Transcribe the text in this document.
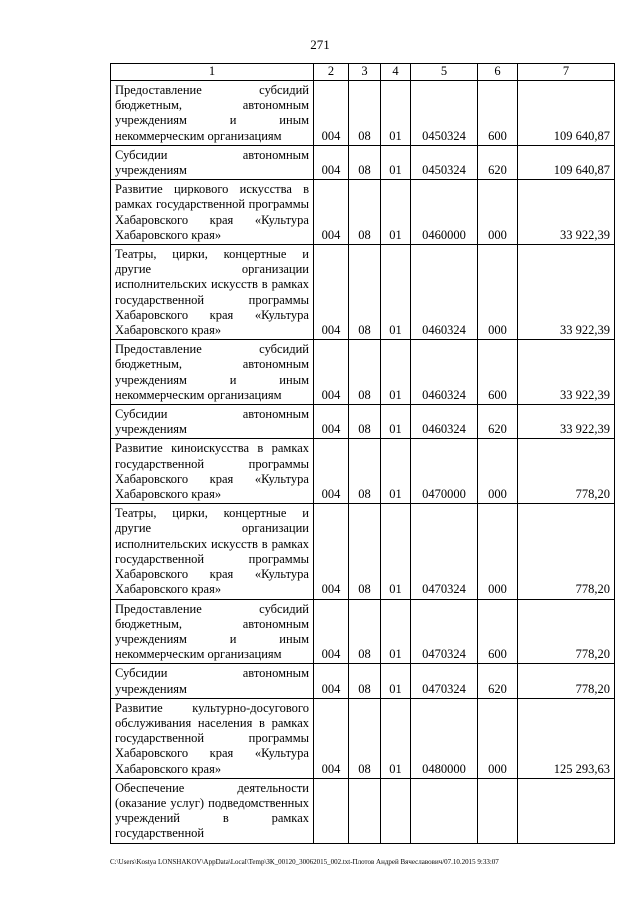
271
1	2	3	4	5	6	7
Предоставление субсидий бюджетным, автономным учреждениям и иным некоммерческим организациям	004	08	01	0450324	600	109 640,87
Субсидии автономным учреждениям	004	08	01	0450324	620	109 640,87
Развитие циркового искусства в рамках государственной программы Хабаровского края «Культура Хабаровского края»	004	08	01	0460000	000	33 922,39
Театры, цирки, концертные и другие организации исполнительских искусств в рамках государственной программы Хабаровского края «Культура Хабаровского края»	004	08	01	0460324	000	33 922,39
Предоставление субсидий бюджетным, автономным учреждениям и иным некоммерческим организациям	004	08	01	0460324	600	33 922,39
Субсидии автономным учреждениям	004	08	01	0460324	620	33 922,39
Развитие киноискусства в рамках государственной программы Хабаровского края «Культура Хабаровского края»	004	08	01	0470000	000	778,20
Театры, цирки, концертные и другие организации исполнительских искусств в рамках государственной программы Хабаровского края «Культура Хабаровского края»	004	08	01	0470324	000	778,20
Предоставление субсидий бюджетным, автономным учреждениям и иным некоммерческим организациям	004	08	01	0470324	600	778,20
Субсидии автономным учреждениям	004	08	01	0470324	620	778,20
Развитие культурно-досугового обслуживания населения в рамках государственной программы Хабаровского края «Культура Хабаровского края»	004	08	01	0480000	000	125 293,63
Обеспечение деятельности (оказание услуг) подведомственных учреждений в рамках государственной						
C:\Users\Kostya LONSHAKOV\AppData\Local\Temp\ЗК_00120_30062015_002.txt-Плотов Андрей Вячеславович/07.10.2015 9:33:07
